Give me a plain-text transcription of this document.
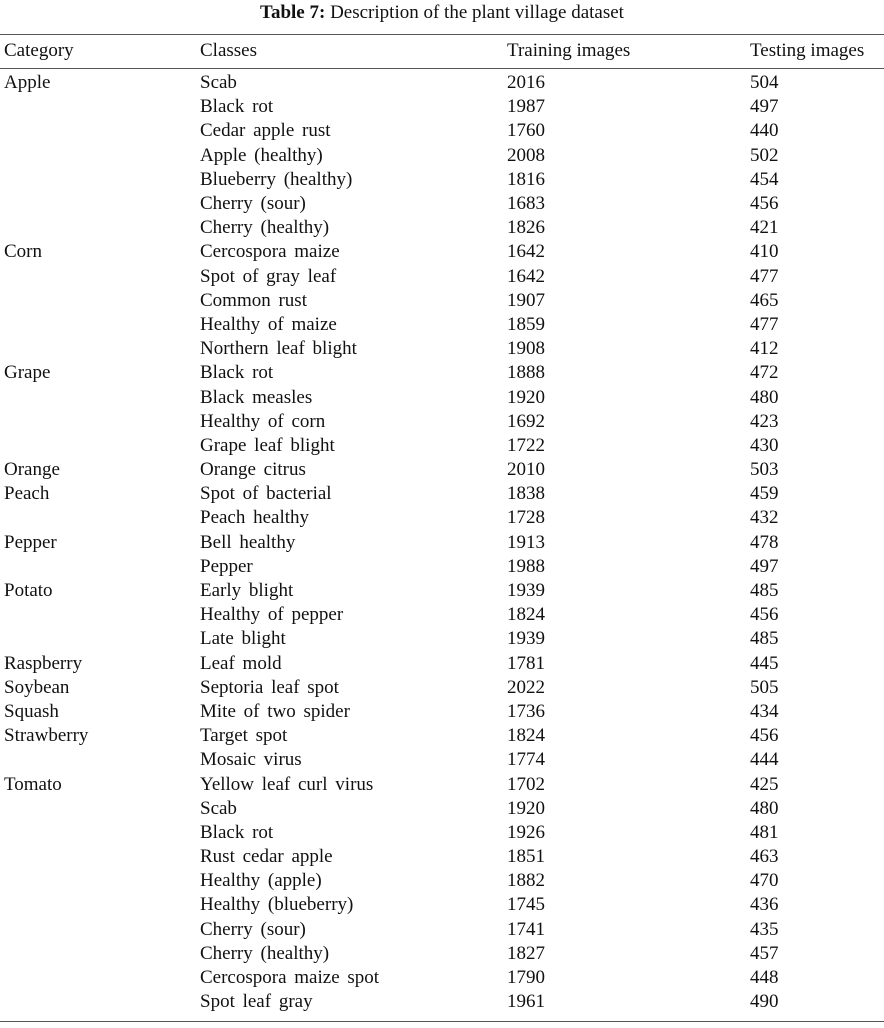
Table 7: Description of the plant village dataset
Category	Classes	Training images	Testing images

Apple	Scab	2016	504
	Black rot	1987	497
	Cedar apple rust	1760	440
	Apple (healthy)	2008	502
	Blueberry (healthy)	1816	454
	Cherry (sour)	1683	456
	Cherry (healthy)	1826	421
Corn	Cercospora maize	1642	410
	Spot of gray leaf	1642	477
	Common rust	1907	465
	Healthy of maize	1859	477
	Northern leaf blight	1908	412
Grape	Black rot	1888	472
	Black measles	1920	480
	Healthy of corn	1692	423
	Grape leaf blight	1722	430
Orange	Orange citrus	2010	503
Peach	Spot of bacterial	1838	459
	Peach healthy	1728	432
Pepper	Bell healthy	1913	478
	Pepper	1988	497
Potato	Early blight	1939	485
	Healthy of pepper	1824	456
	Late blight	1939	485
Raspberry	Leaf mold	1781	445
Soybean	Septoria leaf spot	2022	505
Squash	Mite of two spider	1736	434
Strawberry	Target spot	1824	456
	Mosaic virus	1774	444
Tomato	Yellow leaf curl virus	1702	425
	Scab	1920	480
	Black rot	1926	481
	Rust cedar apple	1851	463
	Healthy (apple)	1882	470
	Healthy (blueberry)	1745	436
	Cherry (sour)	1741	435
	Cherry (healthy)	1827	457
	Cercospora maize spot	1790	448
	Spot leaf gray	1961	490
